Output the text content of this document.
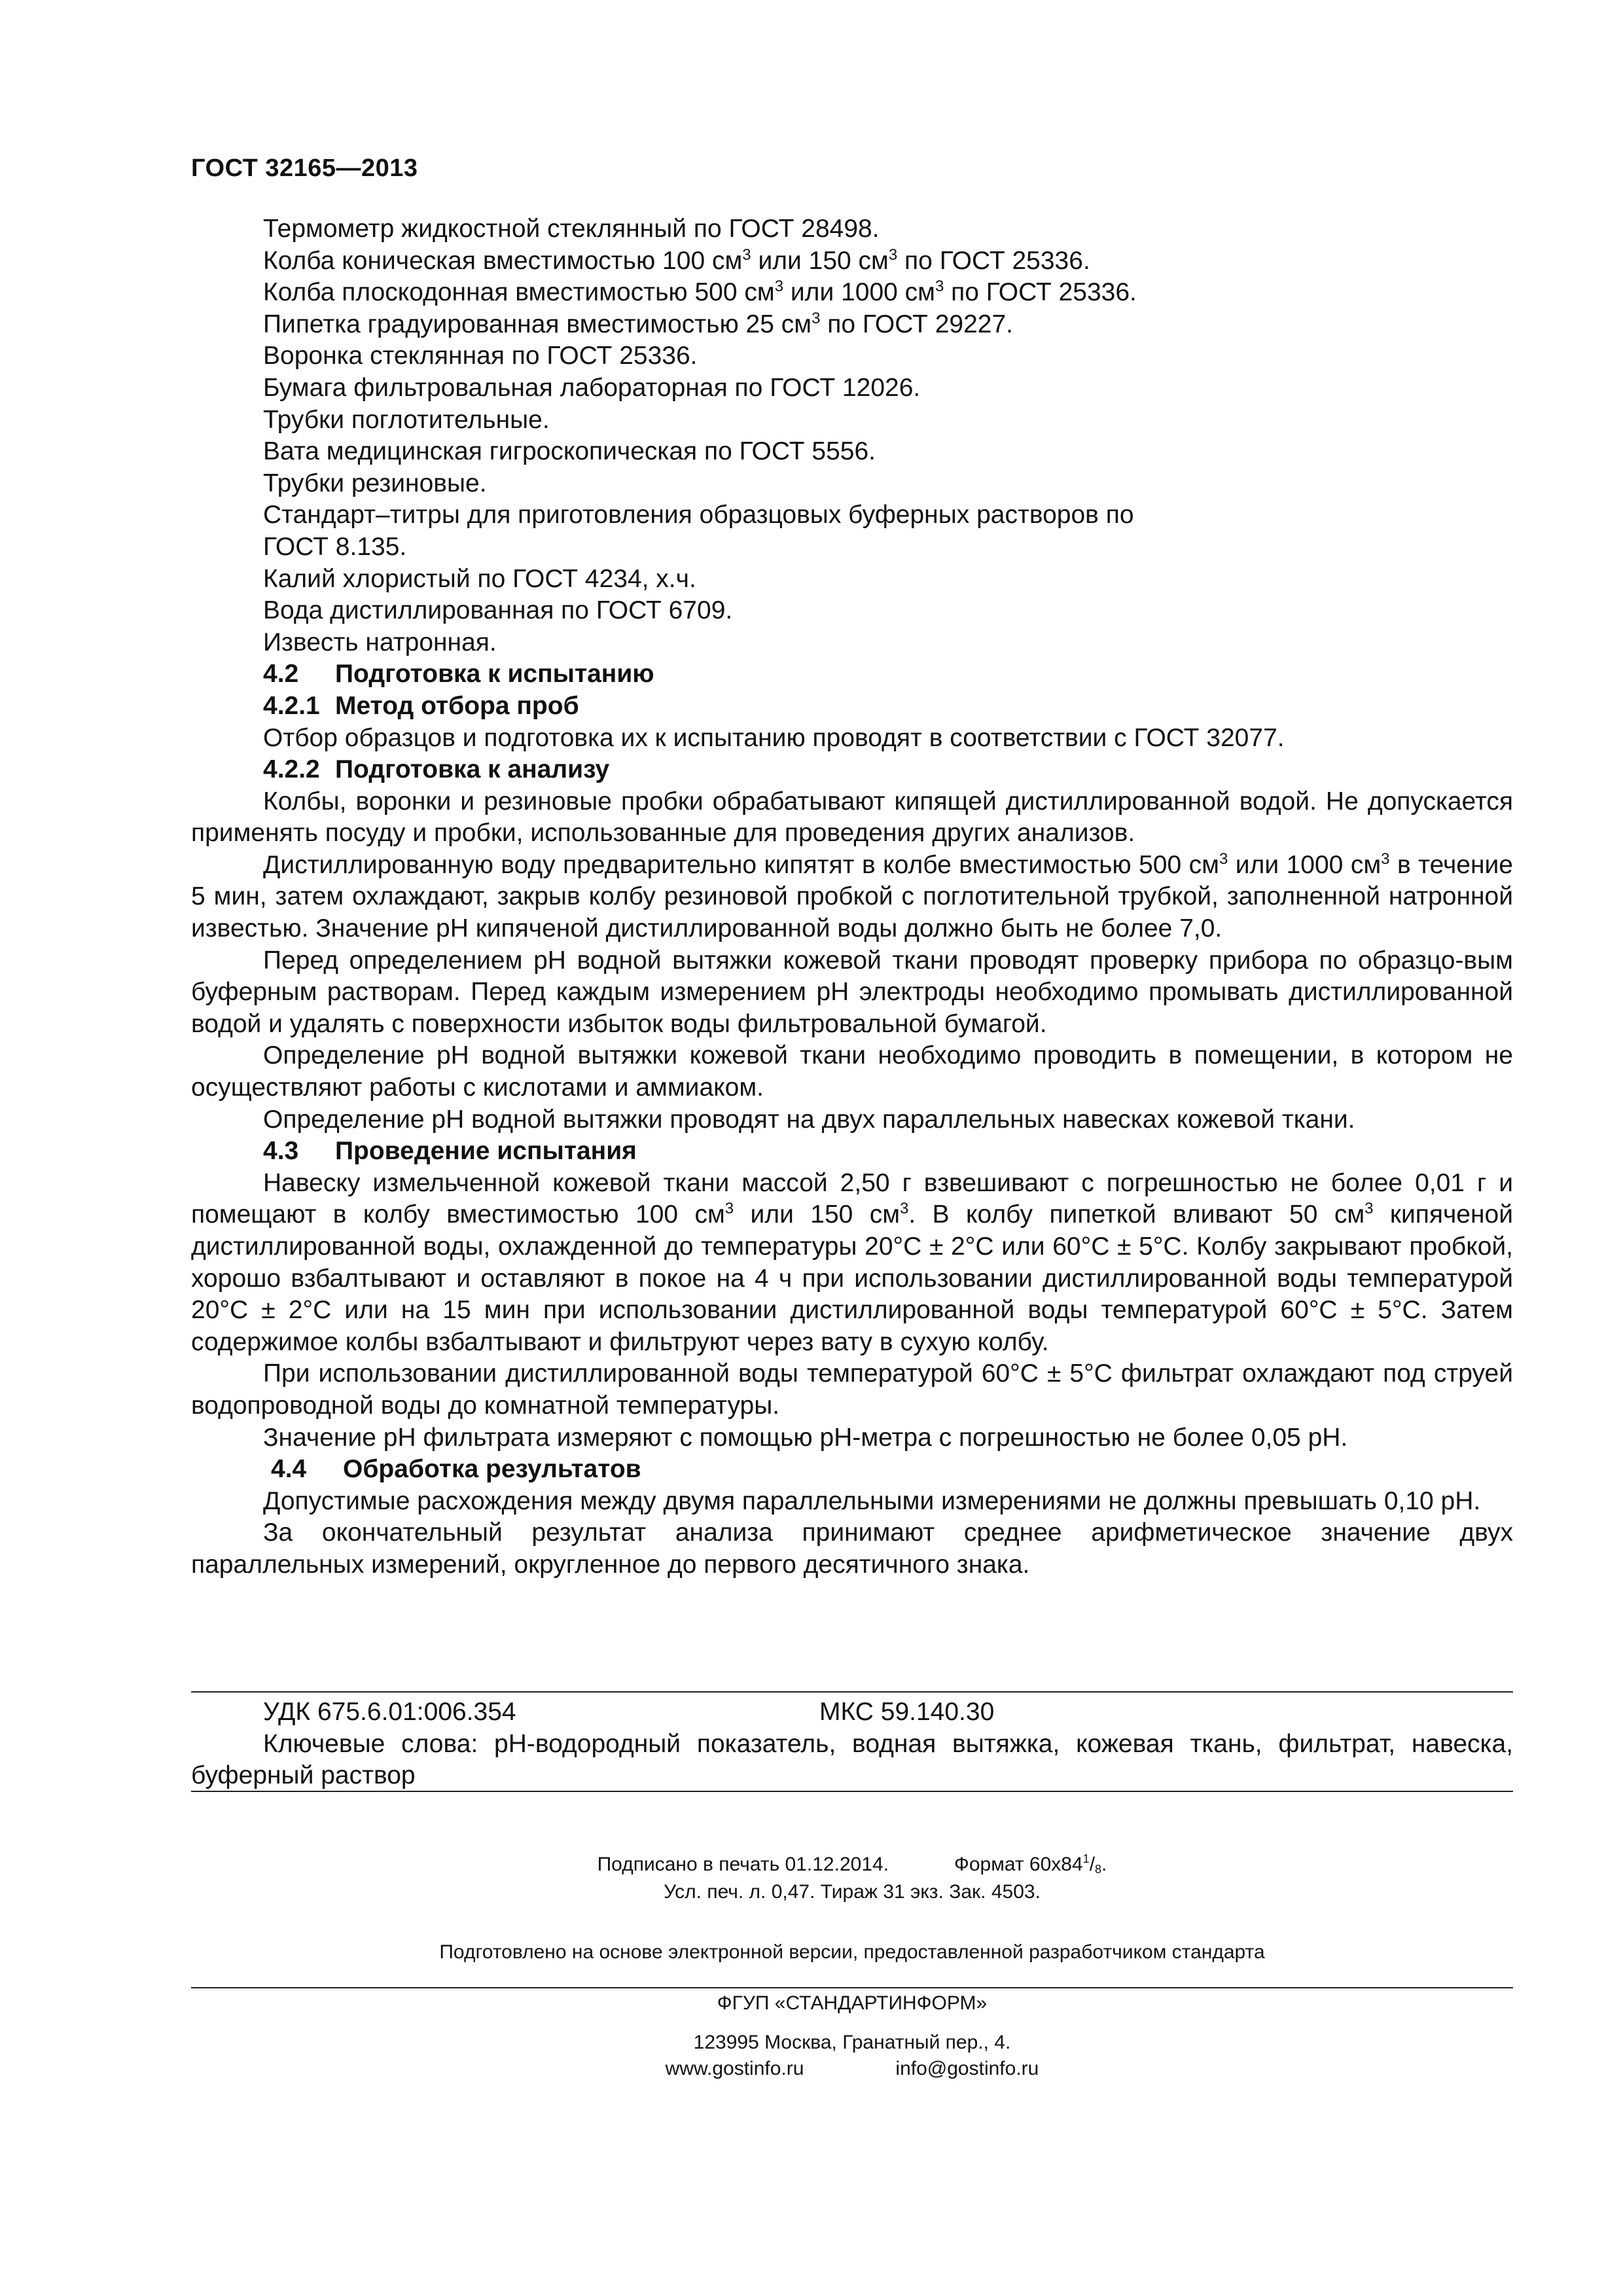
ГОСТ 32165—2013
Термометр жидкостной стеклянный по ГОСТ 28498.
Колба коническая вместимостью 100 $см^3$ или 150 $см^3$ по ГОСТ 25336.
Колба плоскодонная вместимостью 500 $см^3$ или 1000 $см^3$ по ГОСТ 25336.
Пипетка градуированная вместимостью 25 $см^3$ по ГОСТ 29227.
Воронка стеклянная по ГОСТ 25336.
Бумага фильтровальная лабораторная по ГОСТ 12026.
Трубки поглотительные.
Вата медицинская гигроскопическая по ГОСТ 5556.
Трубки резиновые.
Стандарт–титры для приготовления образцовых буферных растворов по
ГОСТ 8.135.
Калий хлористый по ГОСТ 4234, х.ч.
Вода дистиллированная по ГОСТ 6709.
Известь натронная.
4.2 Подготовка к испытанию
4.2.1 Метод отбора проб
Отбор образцов и подготовка их к испытанию проводят в соответствии с ГОСТ 32077.
4.2.2 Подготовка к анализу
Колбы, воронки и резиновые пробки обрабатывают кипящей дистиллированной водой. Не допускается применять посуду и пробки, использованные для проведения других анализов.
Дистиллированную воду предварительно кипятят в колбе вместимостью 500 $см^3$ или 1000 $см^3$ в течение 5 мин, затем охлаждают, закрыв колбу резиновой пробкой с поглотительной трубкой, заполненной натронной известью. Значение pH кипяченой дистиллированной воды должно быть не более 7,0.
Перед определением pH водной вытяжки кожевой ткани проводят проверку прибора по образцо-вым буферным растворам. Перед каждым измерением pH электроды необходимо промывать дистиллированной водой и удалять с поверхности избыток воды фильтровальной бумагой.
Определение pH водной вытяжки кожевой ткани необходимо проводить в помещении, в котором не осуществляют работы с кислотами и аммиаком.
Определение pH водной вытяжки проводят на двух параллельных навесках кожевой ткани.
4.3 Проведение испытания
Навеску измельченной кожевой ткани массой 2,50 г взвешивают с погрешностью не более 0,01 г и помещают в колбу вместимостью 100 $см^3$ или 150 $см^3$. В колбу пипеткой вливают 50 $см^3$ кипяченой дистиллированной воды, охлажденной до температуры 20°С ± 2°С или 60°С ± 5°С. Колбу закрывают пробкой, хорошо взбалтывают и оставляют в покое на 4 ч при использовании дистиллированной воды температурой 20°С ± 2°С или на 15 мин при использовании дистиллированной воды температурой 60°С ± 5°С. Затем содержимое колбы взбалтывают и фильтруют через вату в сухую колбу.
При использовании дистиллированной воды температурой 60°С ± 5°С фильтрат охлаждают под струей водопроводной воды до комнатной температуры.
Значение pH фильтрата измеряют с помощью pH-метра с погрешностью не более 0,05 pH.
4.4 Обработка результатов
Допустимые расхождения между двумя параллельными измерениями не должны превышать 0,10 pH.
За окончательный результат анализа принимают среднее арифметическое значение двух параллельных измерений, округленное до первого десятичного знака.
УДК 675.6.01:006.354	МКС 59.140.30
Ключевые слова: pH-водородный показатель, водная вытяжка, кожевая ткань, фильтрат, навеска, буферный раствор
Подписано в печать 01.12.2014.	Формат $60х84^1/_8$.
Усл. печ. л. 0,47. Тираж 31 экз. Зак. 4503.
Подготовлено на основе электронной версии, предоставленной разработчиком стандарта
ФГУП «СТАНДАРТИНФОРМ»
123995 Москва, Гранатный пер., 4.
www.gostinfo.ru	info@gostinfo.ru
